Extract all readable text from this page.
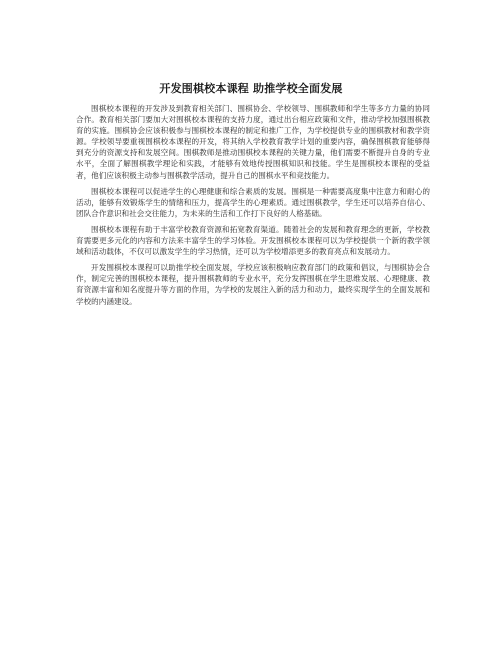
开发围棋校本课程 助推学校全面发展

围棋校本课程的开发涉及到教育相关部门、围棋协会、学校领导、围棋教师和学生等多方力量的协同合作。教育相关部门要加大对围棋校本课程的支持力度，通过出台相应政策和文件，推动学校加强围棋教育的实施。围棋协会应该积极参与围棋校本课程的制定和推广工作，为学校提供专业的围棋教材和教学资源。学校领导要重视围棋校本课程的开发，将其纳入学校教育教学计划的重要内容，确保围棋教育能够得到充分的资源支持和发展空间。围棋教师是推动围棋校本课程的关键力量，他们需要不断提升自身的专业水平，全面了解围棋教学理论和实践，才能够有效地传授围棋知识和技能。学生是围棋校本课程的受益者，他们应该积极主动参与围棋教学活动，提升自己的围棋水平和竞技能力。

围棋校本课程可以促进学生的心理健康和综合素质的发展。围棋是一种需要高度集中注意力和耐心的活动，能够有效锻炼学生的情绪和压力，提高学生的心理素质。通过围棋教学，学生还可以培养自信心、团队合作意识和社会交往能力，为未来的生活和工作打下良好的人格基础。

围棋校本课程有助于丰富学校教育资源和拓宽教育渠道。随着社会的发展和教育理念的更新，学校教育需要更多元化的内容和方法来丰富学生的学习体验。开发围棋校本课程可以为学校提供一个新的教学领域和活动载体，不仅可以激发学生的学习热情，还可以为学校增添更多的教育亮点和发展动力。

开发围棋校本课程可以助推学校全面发展，学校应该积极响应教育部门的政策和倡议，与围棋协会合作，制定完善的围棋校本课程，提升围棋教师的专业水平，充分发挥围棋在学生思维发展、心理健康、教育资源丰富和知名度提升等方面的作用，为学校的发展注入新的活力和动力，最终实现学生的全面发展和学校的内涵建设。
